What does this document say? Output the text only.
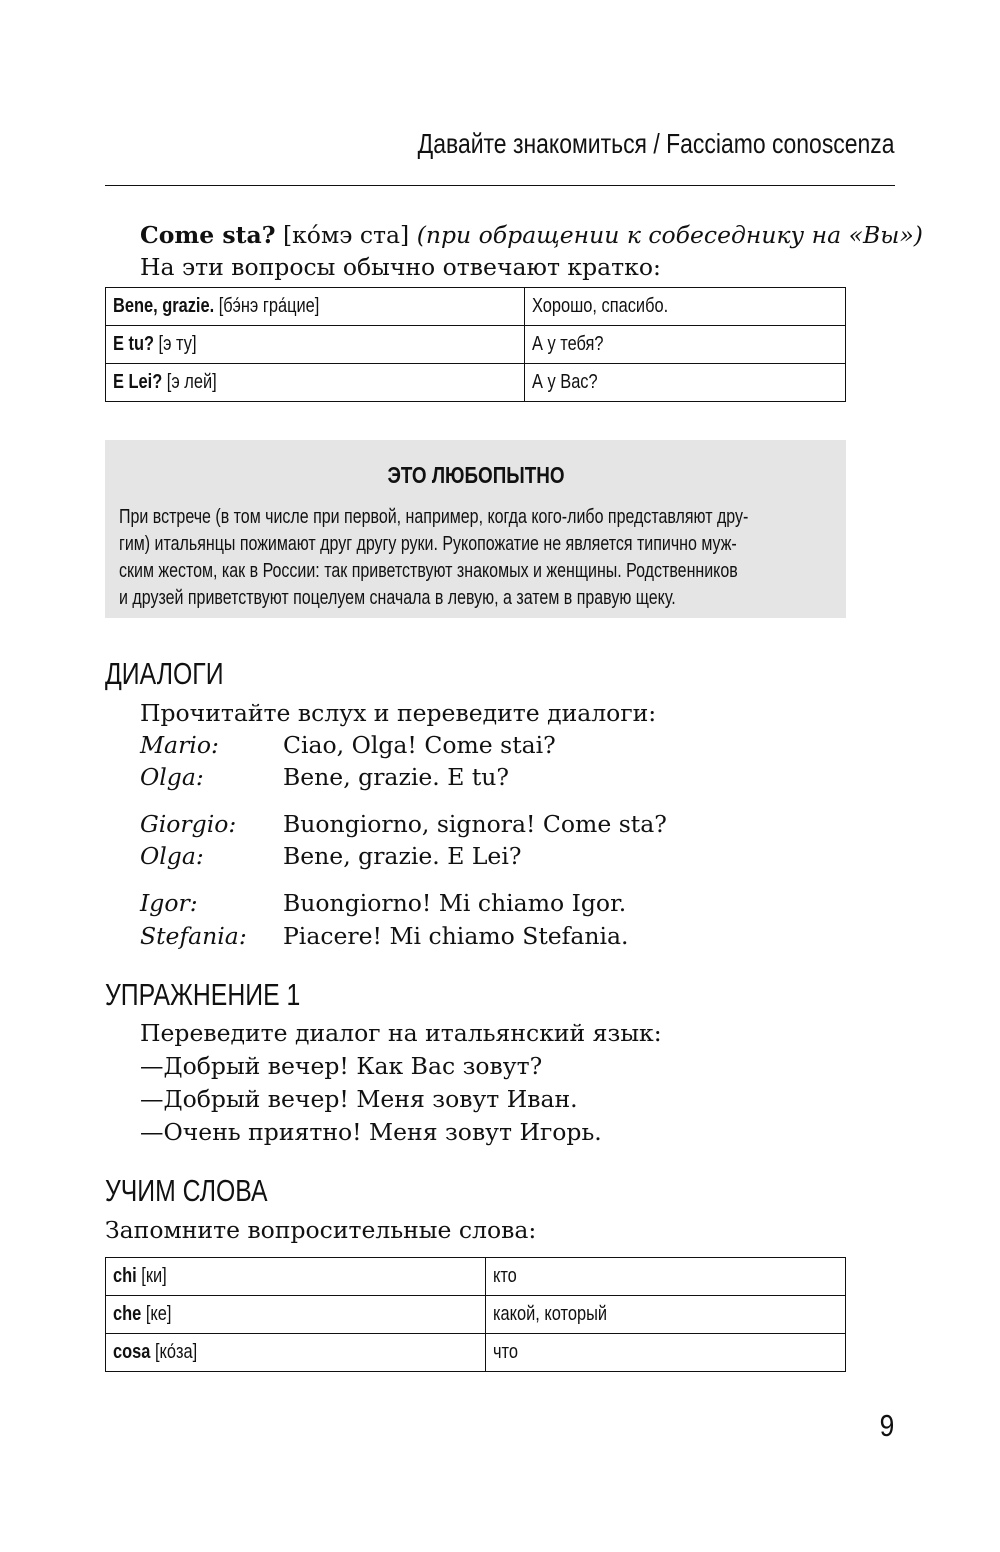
Давайте знакомиться / Facciamo conoscenza
Come sta? [ко́мэ ста] (при обращении к собеседнику на «Вы»)
На эти вопросы обычно отвечают кратко:
Bene, grazie. [бэ́нэ гра́цие]	Хорошо, спасибо.
E tu? [э ту]	А у тебя?
E Lei? [э лей]	А у Вас?
ЭТО ЛЮБОПЫТНО
При встрече (в том числе при первой, например, когда кого-либо представляют дру-
гим) итальянцы пожимают друг другу руки. Рукопожатие не является типично муж-
ским жестом, как в России: так приветствуют знакомых и женщины. Родственников
и друзей приветствуют поцелуем сначала в левую, а затем в правую щеку.
ДИАЛОГИ
Прочитайте вслух и переведите диалоги:
Mario:	Ciao, Olga! Come stai?
Olga:	Bene, grazie. E tu?
Giorgio: Buongiorno, signora! Come sta?
Olga:	Bene, grazie. E Lei?
Igor:	Buongiorno! Mi chiamo Igor.
Stefania: Piacere! Mi chiamo Stefania.
УПРАЖНЕНИЕ 1
Переведите диалог на итальянский язык:
—Добрый вечер! Как Вас зовут?
—Добрый вечер! Меня зовут Иван.
—Очень приятно! Меня зовут Игорь.
УЧИМ СЛОВА
Запомните вопросительные слова:
chi [ки]	кто
che [ке]	какой, который
cosa [ко́за]	что
9
